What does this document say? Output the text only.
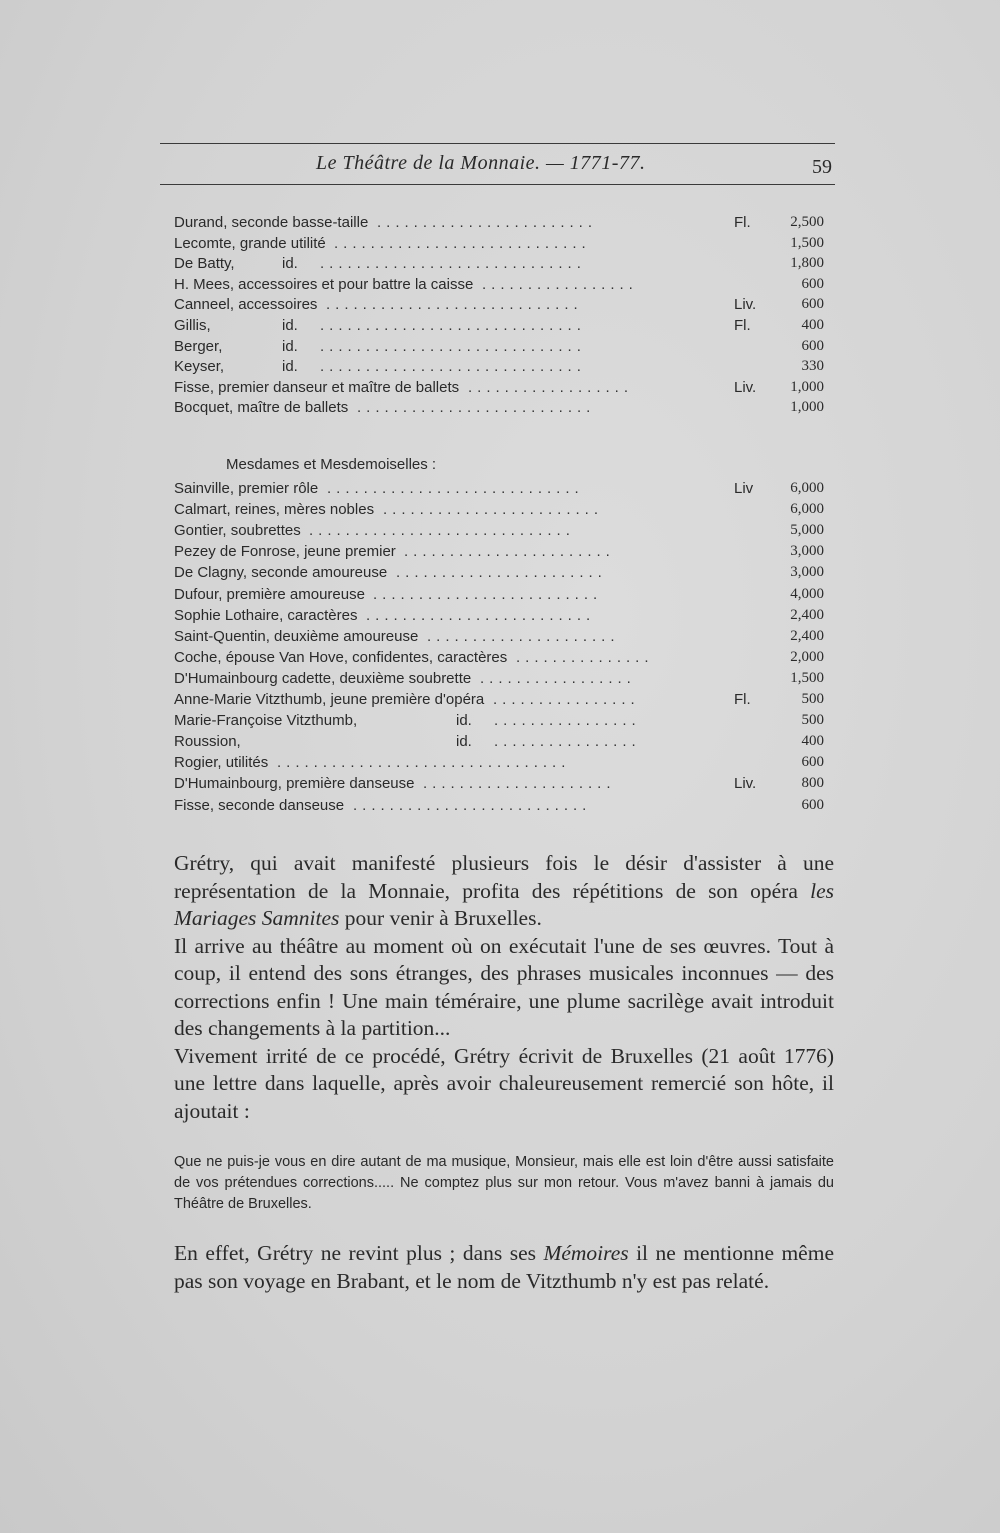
Le Théâtre de la Monnaie. — 1771-77.	59
Durand, seconde basse-taille ........................	Fl.	2,500
Lecomte, grande utilité ............................	1,500
De Batty,	id. .............................	1,800
H. Mees, accessoires et pour battre la caisse .................	600
Canneel, accessoires ............................	Liv.	600
Gillis,	id. .............................	Fl.	400
Berger,	id. .............................	600
Keyser,	id. .............................	330
Fisse, premier danseur et maître de ballets ..................	Liv. 1,000
Bocquet, maître de ballets ..........................	1,000
Mesdames et Mesdemoiselles :
Sainville, premier rôle ............................	Liv 6,000
Calmart, reines, mères nobles ........................	6,000
Gontier, soubrettes .............................	5,000
Pezey de Fonrose, jeune premier .......................	3,000
De Clagny, seconde amoureuse .......................	3,000
Dufour, première amoureuse .........................	4,000
Sophie Lothaire, caractères .........................	2,400
Saint-Quentin, deuxième amoureuse .....................	2,400
Coche, épouse Van Hove, confidentes, caractères ...............	2,000
D'Humainbourg cadette, deuxième soubrette .................	1,500
Anne-Marie Vitzthumb, jeune première d'opéra ................	Fl.	500
Marie-Françoise Vitzthumb,	id. ................	500
Roussion,	id. ................	400
Rogier, utilités ................................	600
D'Humainbourg, première danseuse .....................	Liv.	800
Fisse, seconde danseuse ..........................	600

Grétry, qui avait manifesté plusieurs fois le désir d'assister à une représentation de la Monnaie, profita des répétitions de son opéra les Mariages Samnites pour venir à Bruxelles.

Il arrive au théâtre au moment où on exécutait l'une de ses œuvres. Tout à coup, il entend des sons étranges, des phrases musicales inconnues — des corrections enfin ! Une main téméraire, une plume sacrilège avait introduit des changements à la partition...

Vivement irrité de ce procédé, Grétry écrivit de Bruxelles (21 août 1776) une lettre dans laquelle, après avoir chaleureusement remercié son hôte, il ajoutait :

Que ne puis-je vous en dire autant de ma musique, Monsieur, mais elle est loin d'être aussi satisfaite de vos prétendues corrections..... Ne comptez plus sur mon retour. Vous m'avez banni à jamais du Théâtre de Bruxelles.

En effet, Grétry ne revint plus ; dans ses Mémoires il ne mentionne même pas son voyage en Brabant, et le nom de Vitzthumb n'y est pas relaté.
